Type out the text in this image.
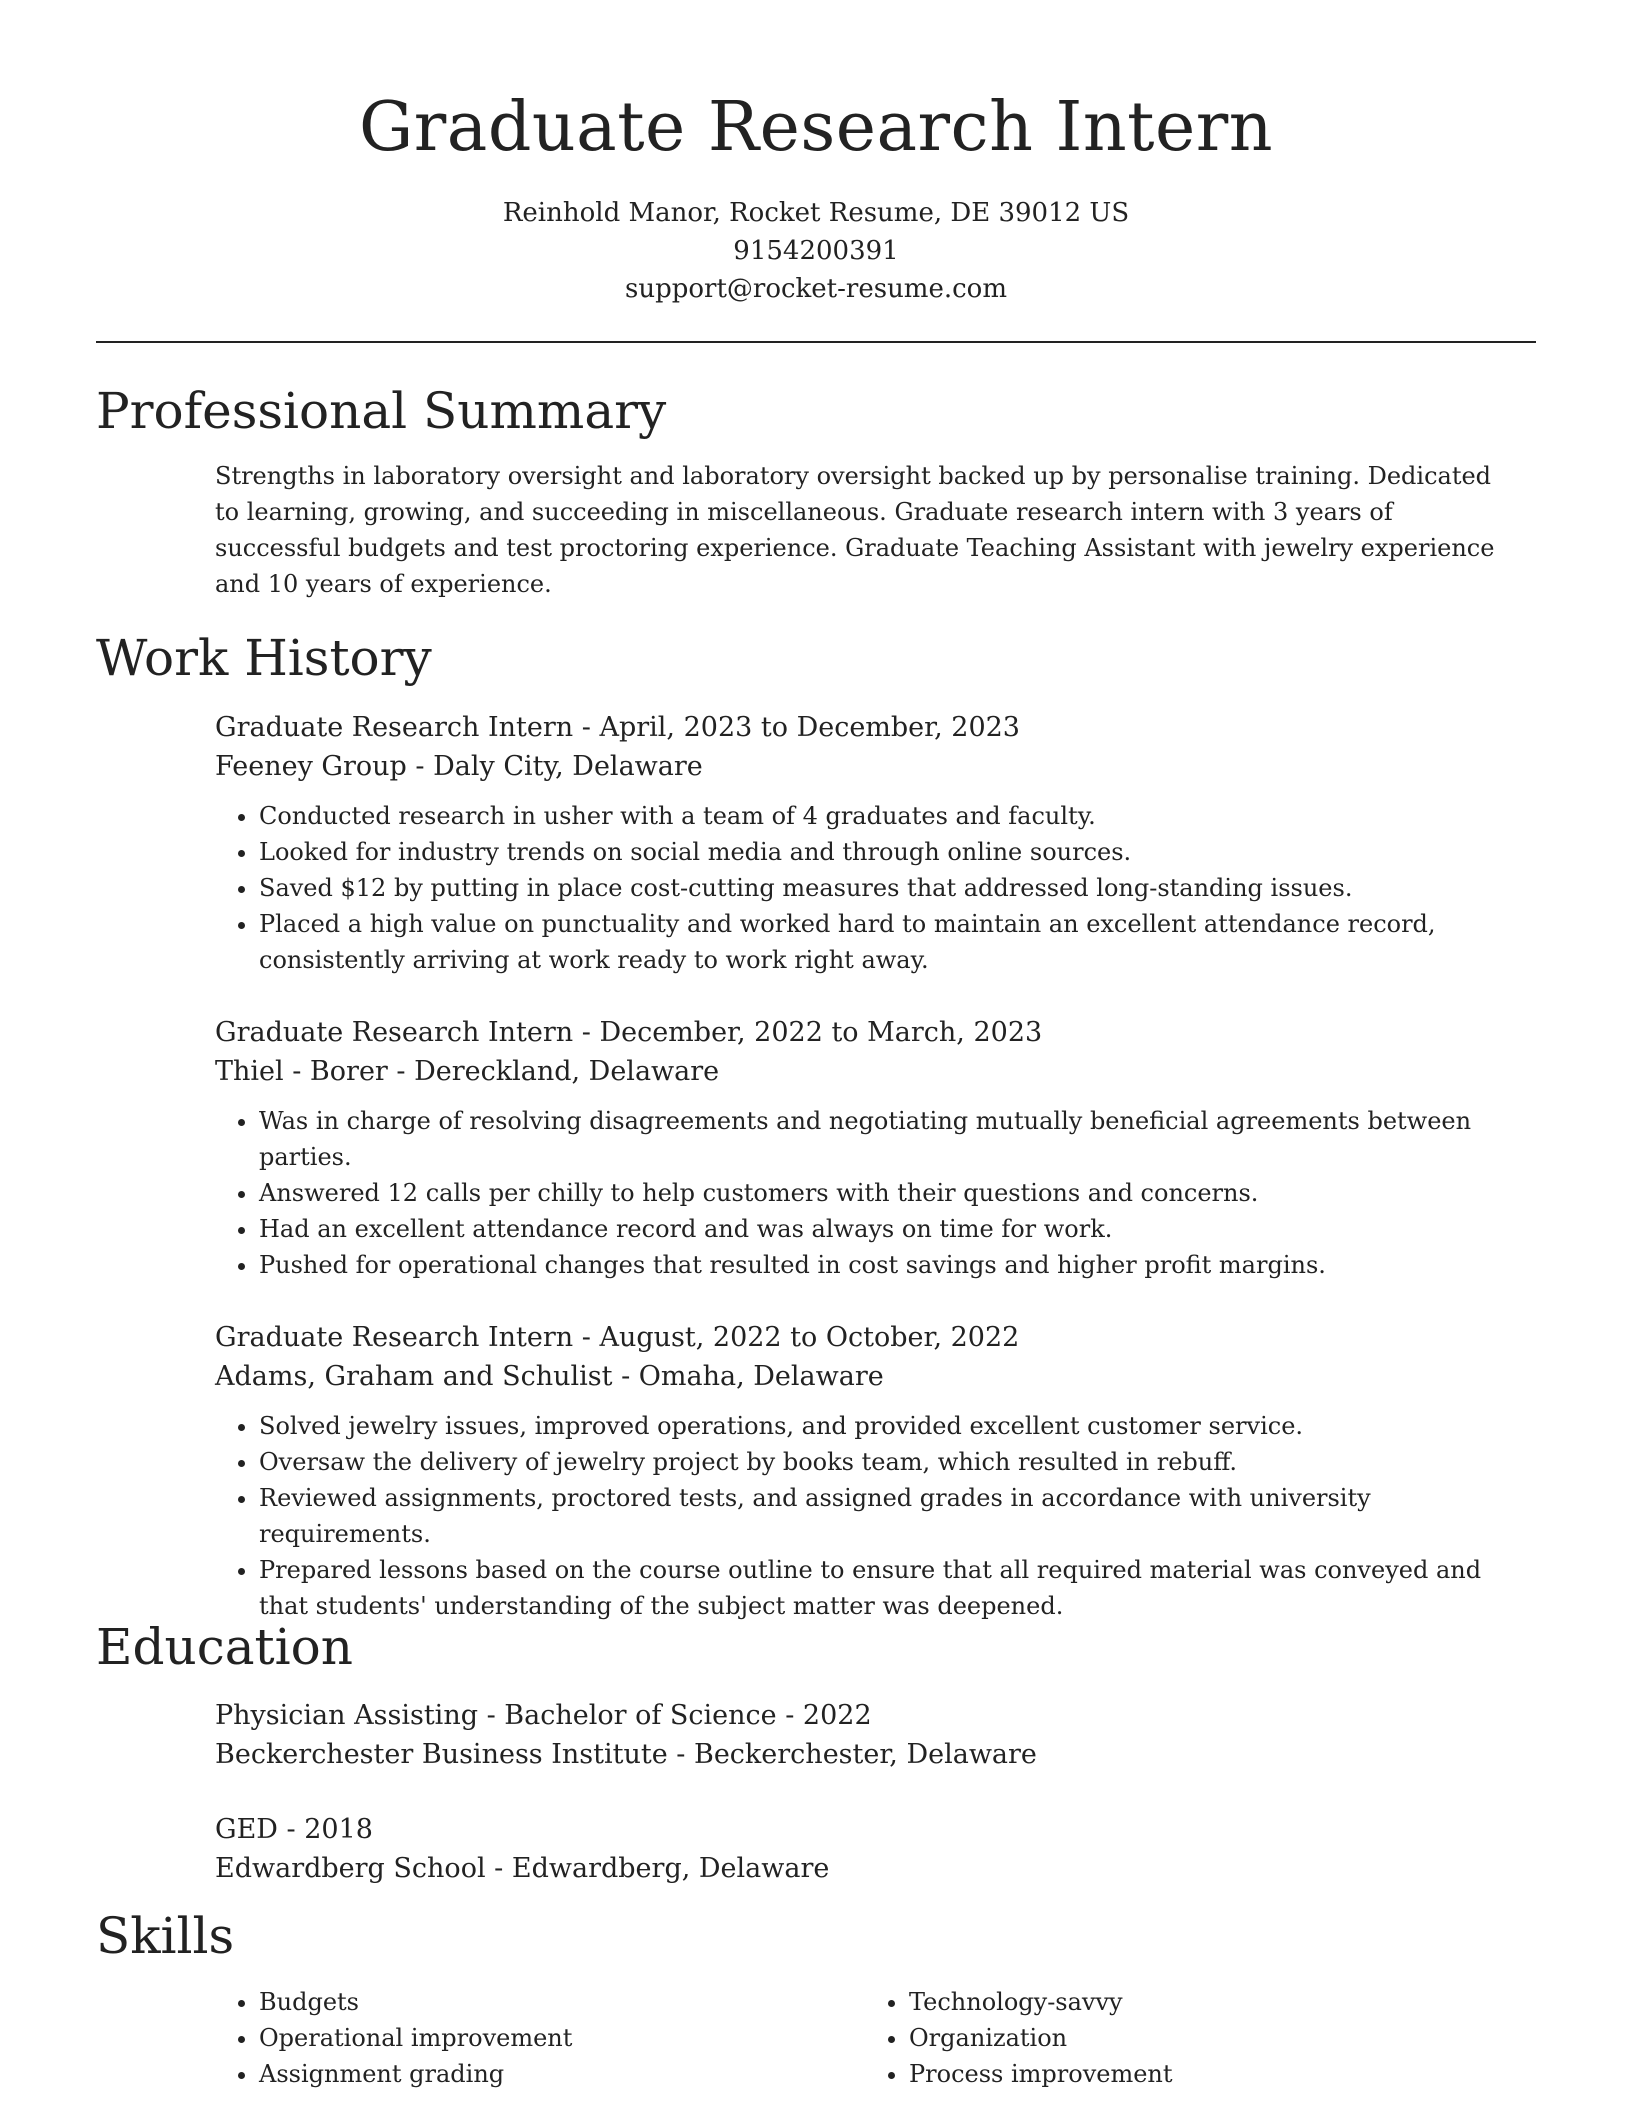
Graduate Research Intern
Reinhold Manor, Rocket Resume, DE 39012 US
9154200391
support@rocket-resume.com
Professional Summary

Strengths in laboratory oversight and laboratory oversight backed up by personalise training. Dedicated to learning, growing, and succeeding in miscellaneous. Graduate research intern with 3 years of successful budgets and test proctoring experience. Graduate Teaching Assistant with jewelry experience and 10 years of experience.

Work History
Graduate Research Intern - April, 2023 to December, 2023
Feeney Group - Daly City, Delaware
• Conducted research in usher with a team of 4 graduates and faculty.
• Looked for industry trends on social media and through online sources.
• Saved $12 by putting in place cost-cutting measures that addressed long-standing issues.
• Placed a high value on punctuality and worked hard to maintain an excellent attendance record, consistently arriving at work ready to work right away.
Graduate Research Intern - December, 2022 to March, 2023
Thiel - Borer - Dereckland, Delaware
• Was in charge of resolving disagreements and negotiating mutually beneficial agreements between parties.
• Answered 12 calls per chilly to help customers with their questions and concerns.
• Had an excellent attendance record and was always on time for work.
• Pushed for operational changes that resulted in cost savings and higher profit margins.
Graduate Research Intern - August, 2022 to October, 2022
Adams, Graham and Schulist - Omaha, Delaware
• Solved jewelry issues, improved operations, and provided excellent customer service.
• Oversaw the delivery of jewelry project by books team, which resulted in rebuff.
• Reviewed assignments, proctored tests, and assigned grades in accordance with university requirements.
• Prepared lessons based on the course outline to ensure that all required material was conveyed and that students' understanding of the subject matter was deepened.
Education
Physician Assisting - Bachelor of Science - 2022
Beckerchester Business Institute - Beckerchester, Delaware
GED - 2018
Edwardberg School - Edwardberg, Delaware
Skills
• Budgets
• Operational improvement
• Assignment grading
• Technology-savvy
• Organization
• Process improvement
